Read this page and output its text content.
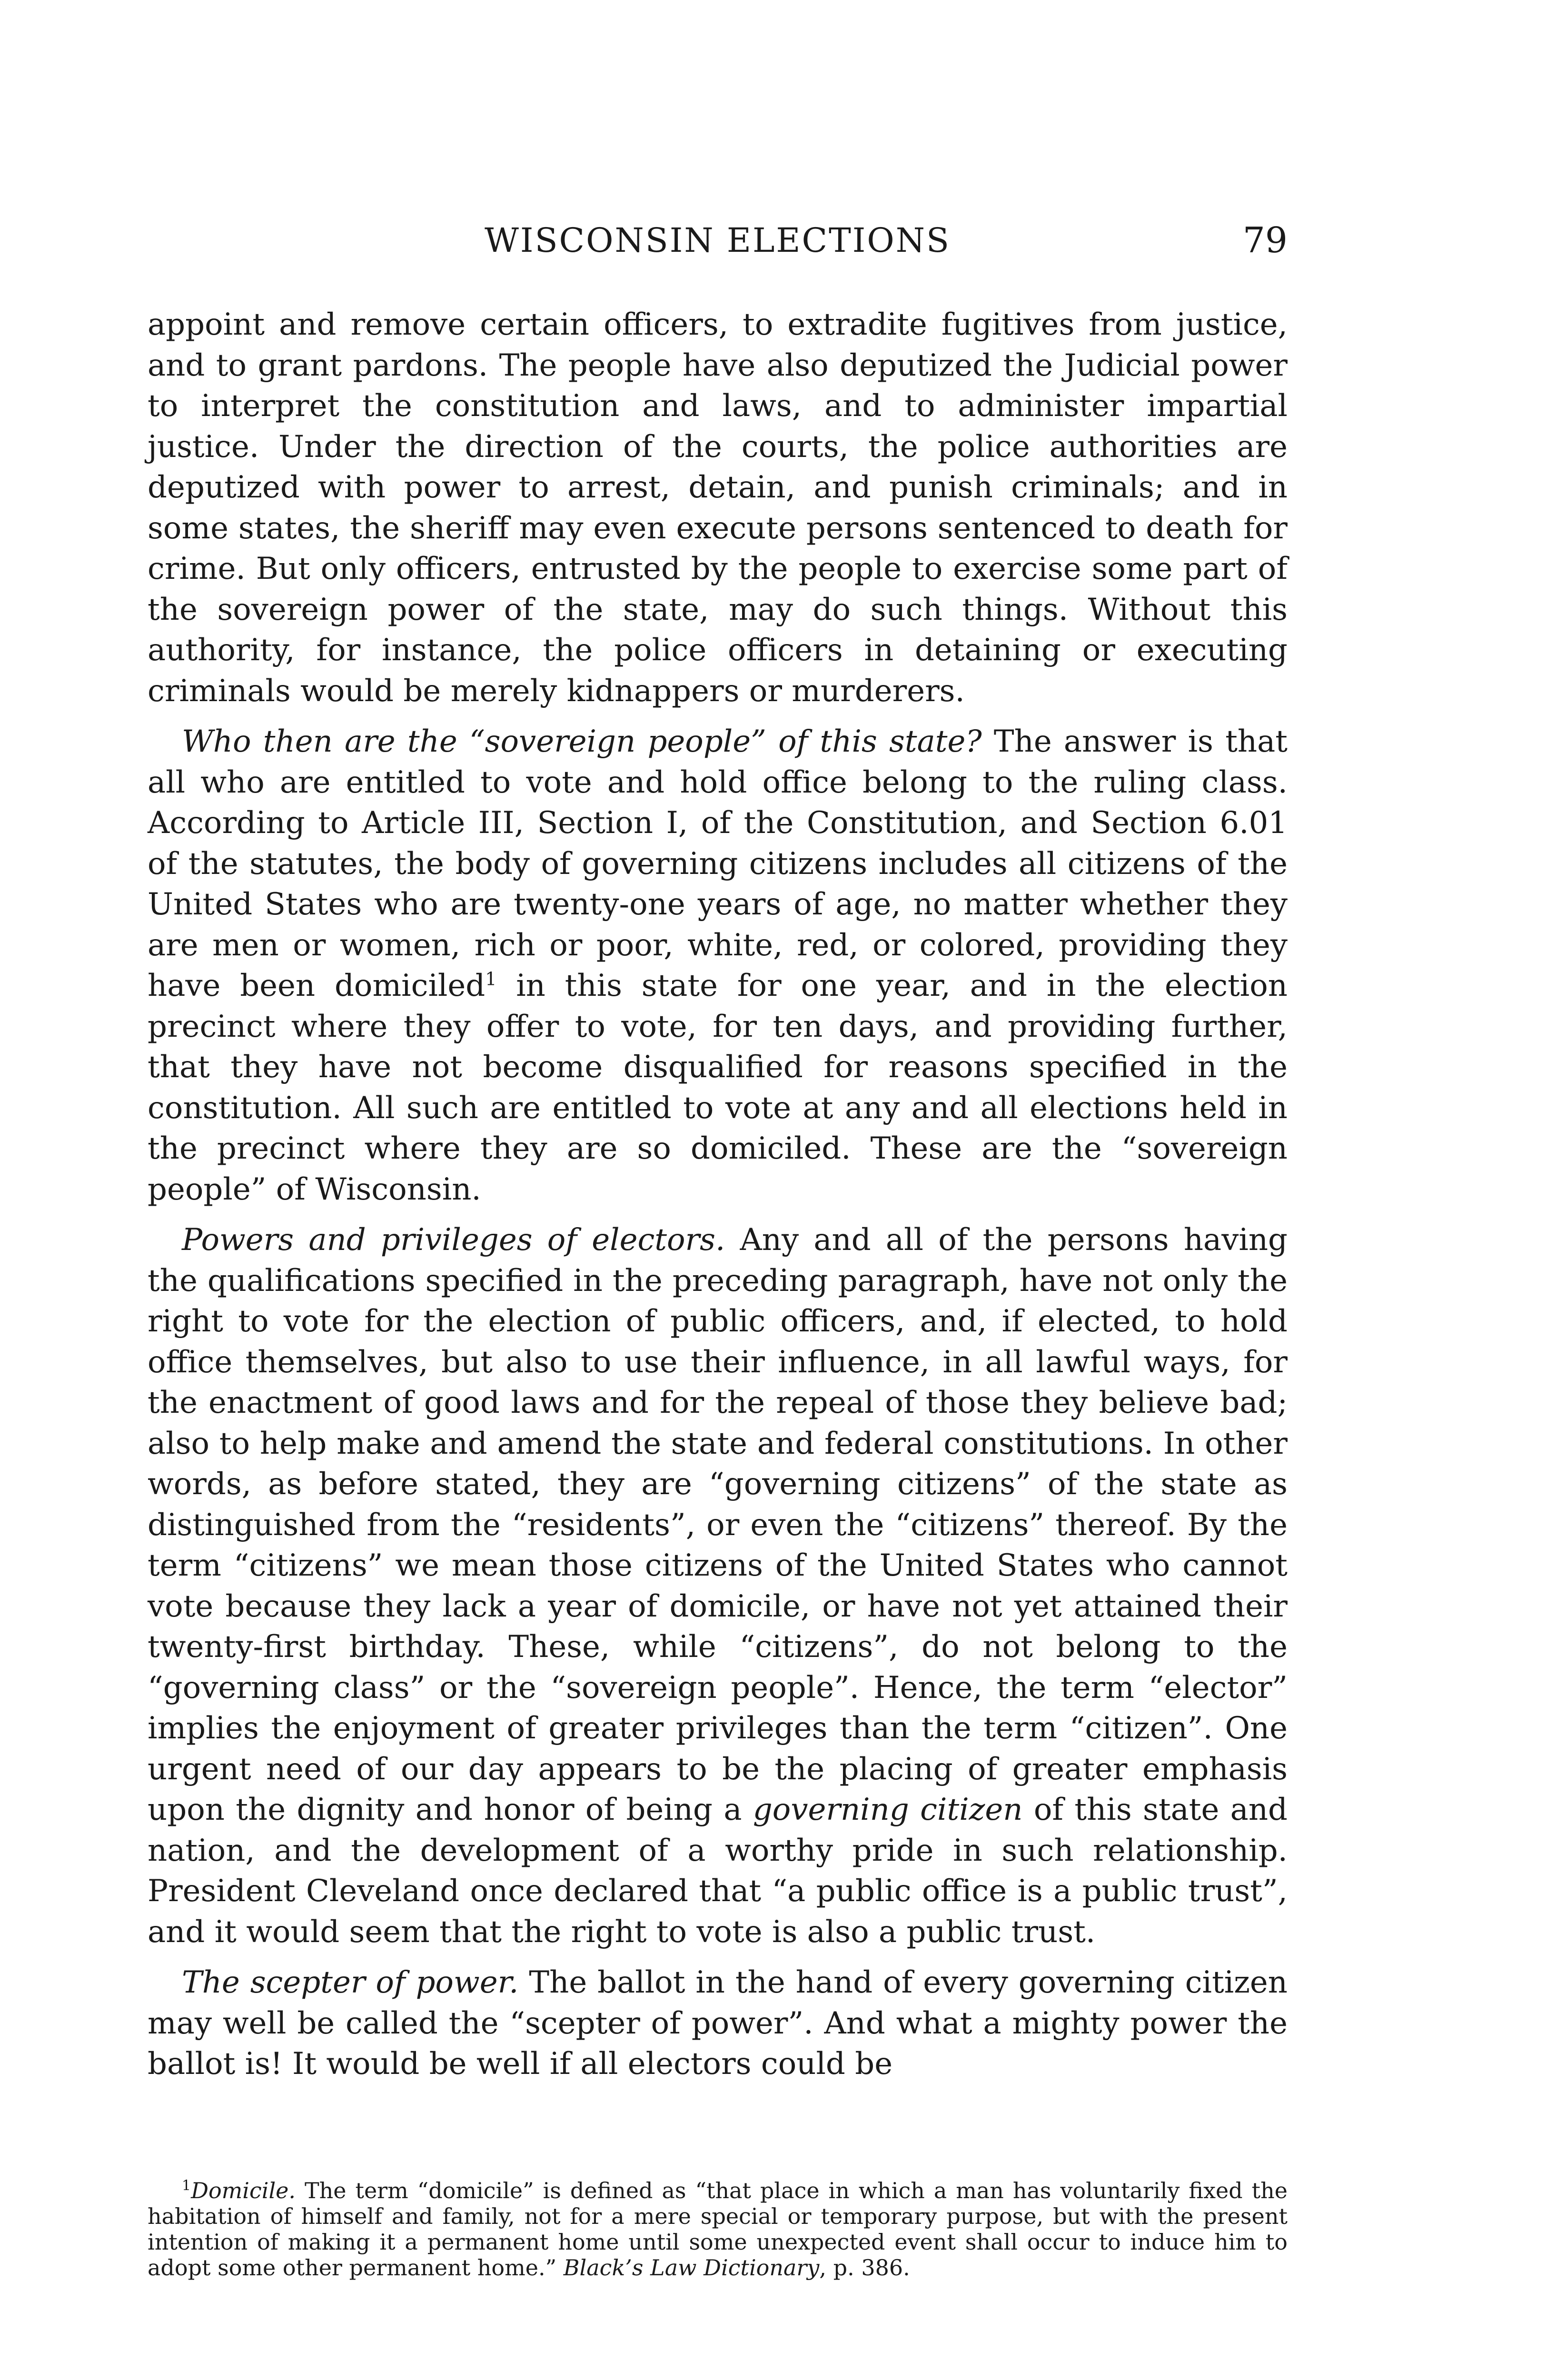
WISCONSIN ELECTIONS	79

appoint and remove certain officers, to extradite fugitives from justice, and to grant pardons. The people have also deputized the Judicial power to interpret the constitution and laws, and to administer impartial justice. Under the direction of the courts, the police authorities are deputized with power to arrest, detain, and punish criminals; and in some states, the sheriff may even execute persons sentenced to death for crime. But only officers, entrusted by the people to exercise some part of the sovereign power of the state, may do such things. Without this authority, for instance, the police officers in detaining or executing criminals would be merely kidnappers or murderers.

Who then are the “sovereign people” of this state? The answer is that all who are entitled to vote and hold office belong to the ruling class. According to Article III, Section I, of the Constitution, and Section 6.01 of the statutes, the body of governing citizens includes all citizens of the United States who are twenty-one years of age, no matter whether they are men or women, rich or poor, white, red, or colored, providing they have been domiciled$^1$ in this state for one year, and in the election precinct where they offer to vote, for ten days, and providing further, that they have not become disqualified for reasons specified in the constitution. All such are entitled to vote at any and all elections held in the precinct where they are so domiciled. These are the “sovereign people” of Wisconsin.

Powers and privileges of electors. Any and all of the persons having the qualifications specified in the preceding paragraph, have not only the right to vote for the election of public officers, and, if elected, to hold office themselves, but also to use their influence, in all lawful ways, for the enactment of good laws and for the repeal of those they believe bad; also to help make and amend the state and federal constitutions. In other words, as before stated, they are “governing citizens” of the state as distinguished from the “residents”, or even the “citizens” thereof. By the term “citizens” we mean those citizens of the United States who cannot vote because they lack a year of domicile, or have not yet attained their twenty-first birthday. These, while “citizens”, do not belong to the “governing class” or the “sovereign people”. Hence, the term “elector” implies the enjoyment of greater privileges than the term “citizen”. One urgent need of our day appears to be the placing of greater emphasis upon the dignity and honor of being a governing citizen of this state and nation, and the development of a worthy pride in such relationship. President Cleveland once declared that “a public office is a public trust”, and it would seem that the right to vote is also a public trust.

The scepter of power. The ballot in the hand of every governing citizen may well be called the “scepter of power”. And what a mighty power the ballot is! It would be well if all electors could be

$^1$Domicile. The term “domicile” is defined as “that place in which a man has voluntarily fixed the habitation of himself and family, not for a mere special or temporary purpose, but with the present intention of making it a permanent home until some unexpected event shall occur to induce him to adopt some other permanent home.” Black’s Law Dictionary, p. 386.
